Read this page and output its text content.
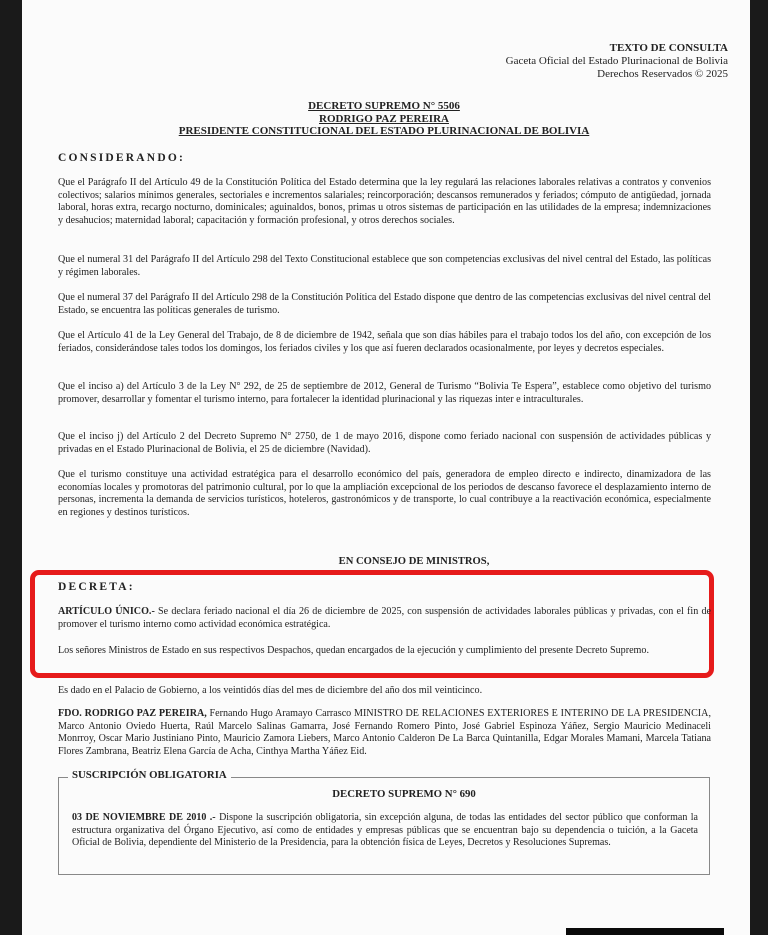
TEXTO DE CONSULTA
Gaceta Oficial del Estado Plurinacional de Bolivia
Derechos Reservados © 2025
DECRETO SUPREMO N° 5506
RODRIGO PAZ PEREIRA
PRESIDENTE CONSTITUCIONAL DEL ESTADO PLURINACIONAL DE BOLIVIA
CONSIDERANDO:
Que el Parágrafo II del Artículo 49 de la Constitución Política del Estado determina que la ley regulará las relaciones laborales relativas a contratos y convenios colectivos; salarios mínimos generales, sectoriales e incrementos salariales; reincorporación; descansos remunerados y feriados; cómputo de antigüedad, jornada laboral, horas extra, recargo nocturno, dominicales; aguinaldos, bonos, primas u otros sistemas de participación en las utilidades de la empresa; indemnizaciones y desahucios; maternidad laboral; capacitación y formación profesional, y otros derechos sociales.
Que el numeral 31 del Parágrafo II del Artículo 298 del Texto Constitucional establece que son competencias exclusivas del nivel central del Estado, las políticas y régimen laborales.
Que el numeral 37 del Parágrafo II del Artículo 298 de la Constitución Política del Estado dispone que dentro de las competencias exclusivas del nivel central del Estado, se encuentra las políticas generales de turismo.
Que el Artículo 41 de la Ley General del Trabajo, de 8 de diciembre de 1942, señala que son días hábiles para el trabajo todos los del año, con excepción de los feriados, considerándose tales todos los domingos, los feriados civiles y los que así fueren declarados ocasionalmente, por leyes y decretos especiales.
Que el inciso a) del Artículo 3 de la Ley N° 292, de 25 de septiembre de 2012, General de Turismo “Bolivia Te Espera”, establece como objetivo del turismo promover, desarrollar y fomentar el turismo interno, para fortalecer la identidad plurinacional y las riquezas inter e intraculturales.
Que el inciso j) del Artículo 2 del Decreto Supremo N° 2750, de 1 de mayo 2016, dispone como feriado nacional con suspensión de actividades públicas y privadas en el Estado Plurinacional de Bolivia, el 25 de diciembre (Navidad).
Que el turismo constituye una actividad estratégica para el desarrollo económico del país, generadora de empleo directo e indirecto, dinamizadora de las economías locales y promotoras del patrimonio cultural, por lo que la ampliación excepcional de los periodos de descanso favorece el desplazamiento interno de personas, incrementa la demanda de servicios turísticos, hoteleros, gastronómicos y de transporte, lo cual contribuye a la reactivación económica, especialmente en regiones y destinos turísticos.
EN CONSEJO DE MINISTROS,
DECRETA:
ARTÍCULO ÚNICO.- Se declara feriado nacional el día 26 de diciembre de 2025, con suspensión de actividades laborales públicas y privadas, con el fin de promover el turismo interno como actividad económica estratégica.
Los señores Ministros de Estado en sus respectivos Despachos, quedan encargados de la ejecución y cumplimiento del presente Decreto Supremo.
Es dado en el Palacio de Gobierno, a los veintidós días del mes de diciembre del año dos mil veinticinco.
FDO. RODRIGO PAZ PEREIRA, Fernando Hugo Aramayo Carrasco MINISTRO DE RELACIONES EXTERIORES E INTERINO DE LA PRESIDENCIA, Marco Antonio Oviedo Huerta, Raúl Marcelo Salinas Gamarra, José Fernando Romero Pinto, José Gabriel Espinoza Yáñez, Sergio Mauricio Medinaceli Monrroy, Oscar Mario Justiniano Pinto, Mauricio Zamora Liebers, Marco Antonio Calderon De La Barca Quintanilla, Edgar Morales Mamani, Marcela Tatiana Flores Zambrana, Beatriz Elena García de Acha, Cinthya Martha Yáñez Eid.
SUSCRIPCIÓN OBLIGATORIA
DECRETO SUPREMO N° 690
03 DE NOVIEMBRE DE 2010 .- Dispone la suscripción obligatoria, sin excepción alguna, de todas las entidades del sector público que conforman la estructura organizativa del Órgano Ejecutivo, así como de entidades y empresas públicas que se encuentran bajo su dependencia o tuición, a la Gaceta Oficial de Bolivia, dependiente del Ministerio de la Presidencia, para la obtención física de Leyes, Decretos y Resoluciones Supremas.
